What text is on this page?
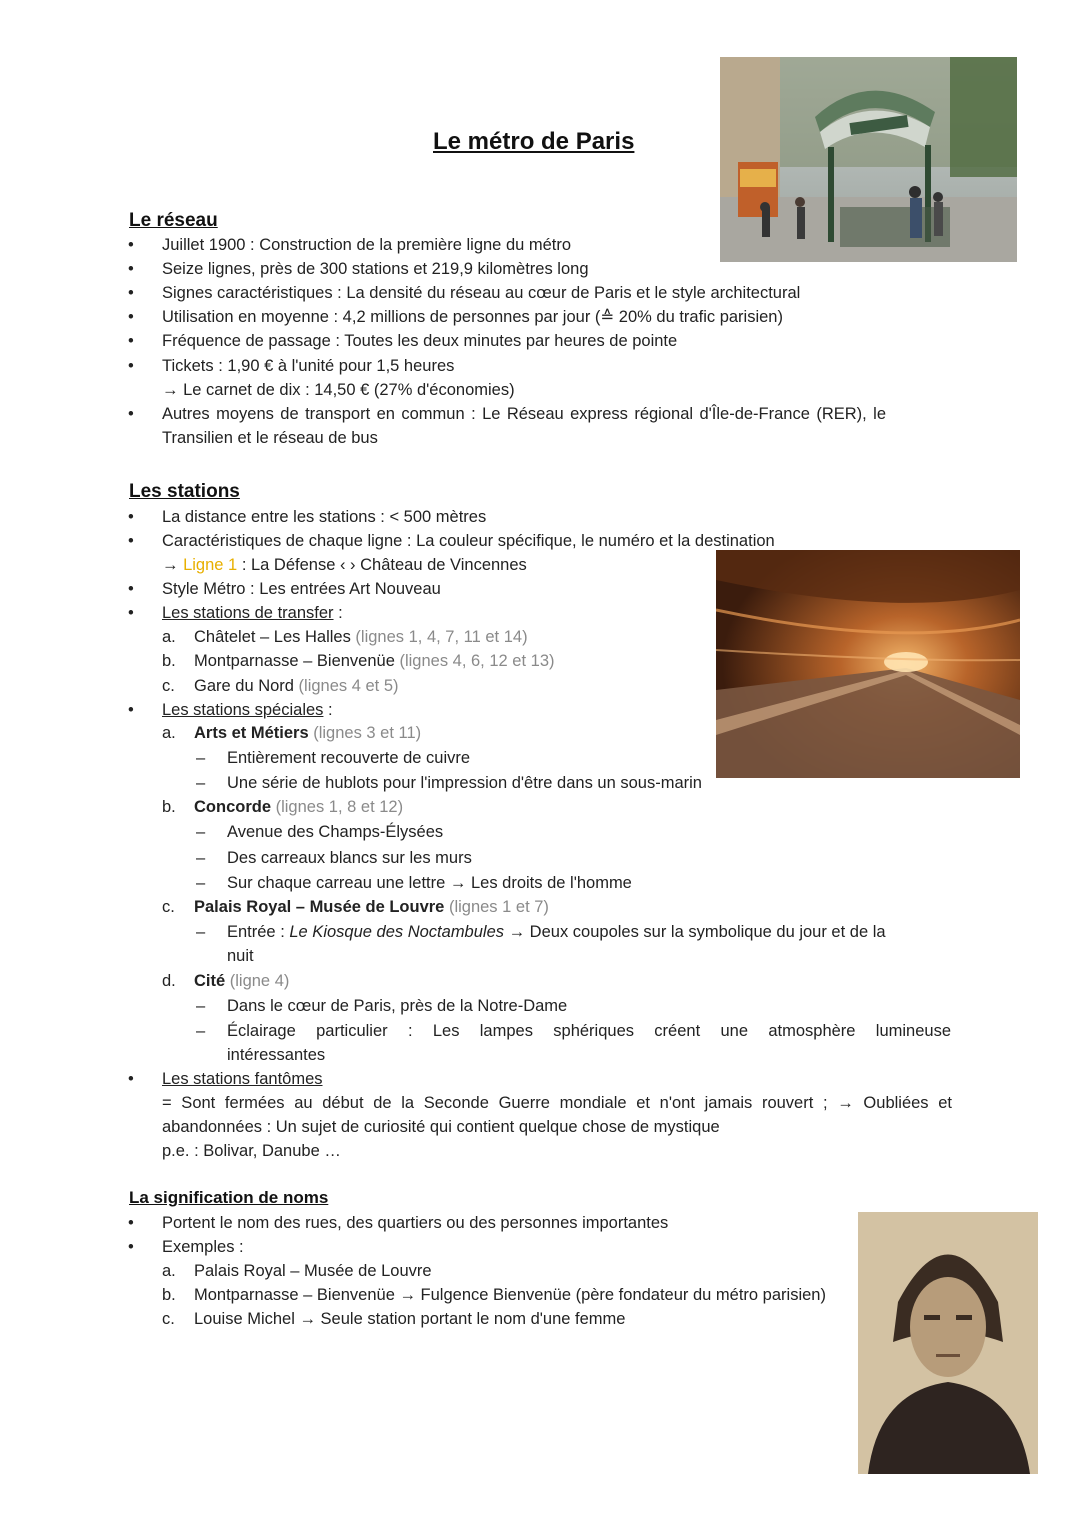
Le métro de Paris
Le réseau
• Juillet 1900 : Construction de la première ligne du métro
• Seize lignes, près de 300 stations et 219,9 kilomètres long
• Signes caractéristiques : La densité du réseau au cœur de Paris et le style architectural
• Utilisation en moyenne : 4,2 millions de personnes par jour (≙ 20% du trafic parisien)
• Fréquence de passage : Toutes les deux minutes par heures de pointe
• Tickets : 1,90 € à l'unité pour 1,5 heures
→ Le carnet de dix : 14,50 € (27% d'économies)
• Autres moyens de transport en commun : Le Réseau express régional d'Île-de-France (RER), le
Transilien et le réseau de bus
Les stations
• La distance entre les stations : < 500 mètres
• Caractéristiques de chaque ligne : La couleur spécifique, le numéro et la destination
→ Ligne 1 : La Défense ‹ › Château de Vincennes
• Style Métro : Les entrées Art Nouveau
• Les stations de transfer :
a. Châtelet – Les Halles (lignes 1, 4, 7, 11 et 14)
b. Montparnasse – Bienvenüe (lignes 4, 6, 12 et 13)
c. Gare du Nord (lignes 4 et 5)
• Les stations spéciales :
a. Arts et Métiers (lignes 3 et 11)
– Entièrement recouverte de cuivre
– Une série de hublots pour l'impression d'être dans un sous-marin
b. Concorde (lignes 1, 8 et 12)
– Avenue des Champs-Élysées
– Des carreaux blancs sur les murs
– Sur chaque carreau une lettre → Les droits de l'homme
c. Palais Royal – Musée de Louvre (lignes 1 et 7)
– Entrée : Le Kiosque des Noctambules → Deux coupoles sur la symbolique du jour et de la
nuit
d. Cité (ligne 4)
– Dans le cœur de Paris, près de la Notre-Dame
– Éclairage particulier : Les lampes sphériques créent une atmosphère lumineuse
intéressantes
• Les stations fantômes
= Sont fermées au début de la Seconde Guerre mondiale et n'ont jamais rouvert ; → Oubliées et
abandonnées : Un sujet de curiosité qui contient quelque chose de mystique
p.e. : Bolivar, Danube …
La signification de noms
• Portent le nom des rues, des quartiers ou des personnes importantes
• Exemples :
a. Palais Royal – Musée de Louvre
b. Montparnasse – Bienvenüe → Fulgence Bienvenüe (père fondateur du métro parisien)
c. Louise Michel → Seule station portant le nom d'une femme
